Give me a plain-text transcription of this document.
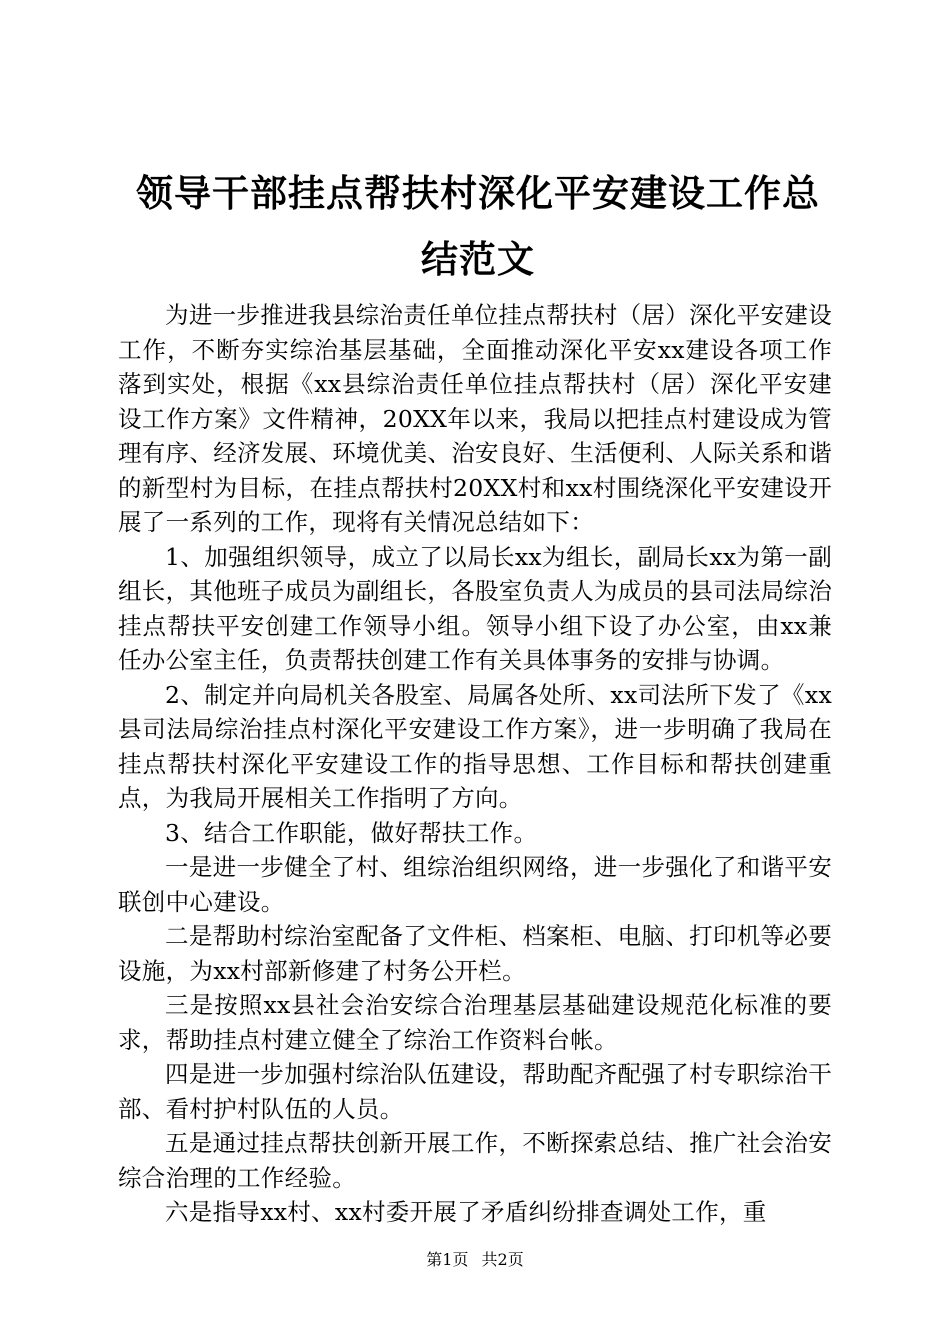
领导干部挂点帮扶村深化平安建设工作总结范文

为进一步推进我县综治责任单位挂点帮扶村（居）深化平安建设工作，不断夯实综治基层基础，全面推动深化平安xx建设各项工作落到实处，根据《xx县综治责任单位挂点帮扶村（居）深化平安建设工作方案》文件精神，20XX年以来，我局以把挂点村建设成为管理有序、经济发展、环境优美、治安良好、生活便利、人际关系和谐的新型村为目标，在挂点帮扶村20XX村和xx村围绕深化平安建设开展了一系列的工作，现将有关情况总结如下：

1、加强组织领导，成立了以局长xx为组长，副局长xx为第一副组长，其他班子成员为副组长，各股室负责人为成员的县司法局综治挂点帮扶平安创建工作领导小组。领导小组下设了办公室，由xx兼任办公室主任，负责帮扶创建工作有关具体事务的安排与协调。

2、制定并向局机关各股室、局属各处所、xx司法所下发了《xx县司法局综治挂点村深化平安建设工作方案》，进一步明确了我局在挂点帮扶村深化平安建设工作的指导思想、工作目标和帮扶创建重点，为我局开展相关工作指明了方向。

3、结合工作职能，做好帮扶工作。

一是进一步健全了村、组综治组织网络，进一步强化了和谐平安联创中心建设。

二是帮助村综治室配备了文件柜、档案柜、电脑、打印机等必要设施，为xx村部新修建了村务公开栏。

三是按照xx县社会治安综合治理基层基础建设规范化标准的要求，帮助挂点村建立健全了综治工作资料台帐。

四是进一步加强村综治队伍建设，帮助配齐配强了村专职综治干部、看村护村队伍的人员。

五是通过挂点帮扶创新开展工作，不断探索总结、推广社会治安综合治理的工作经验。

六是指导xx村、xx村委开展了矛盾纠纷排查调处工作，重

第1页 共2页
